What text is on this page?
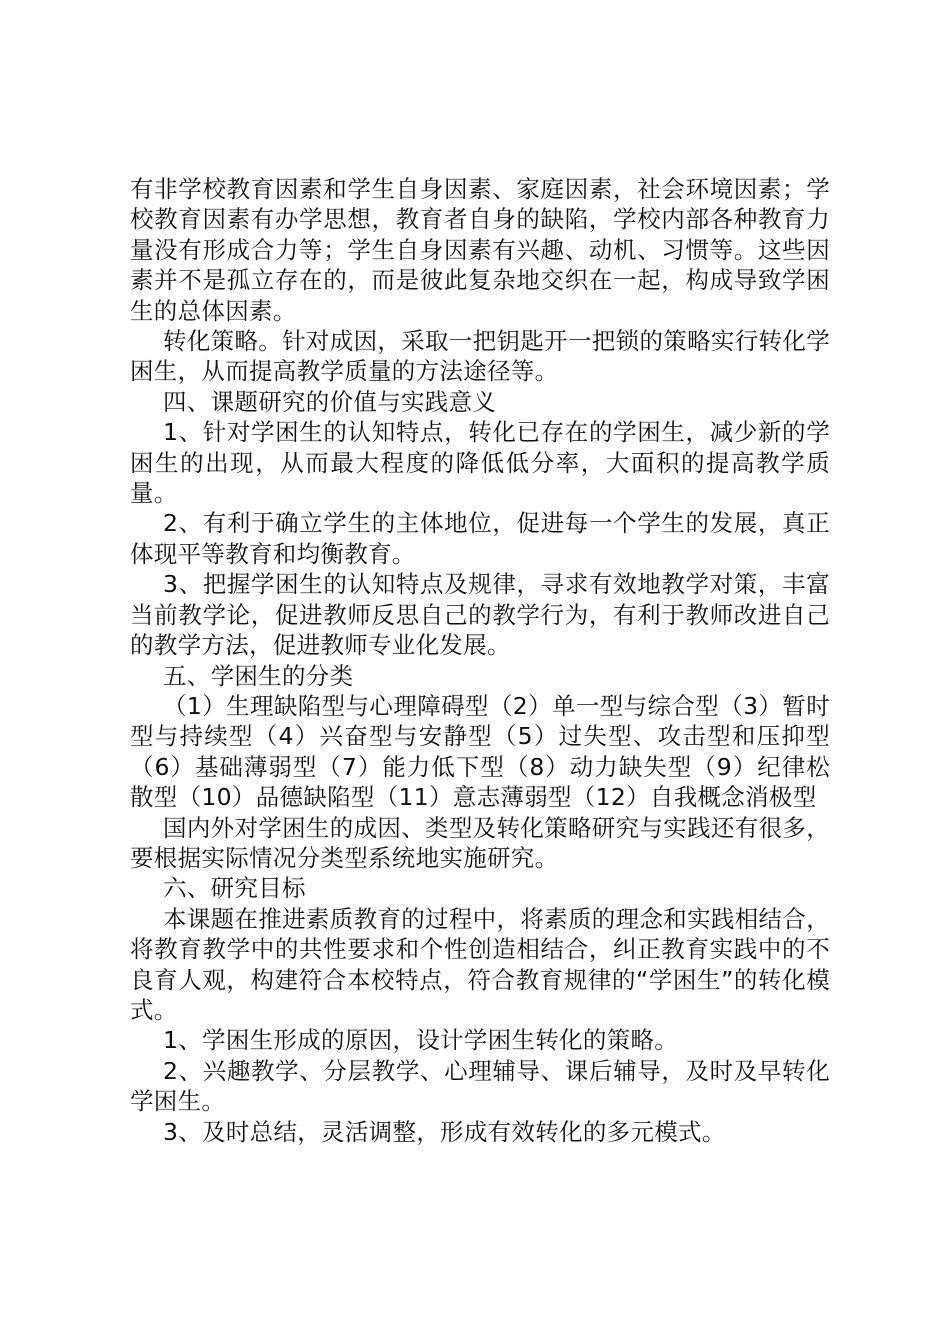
有非学校教育因素和学生自身因素、家庭因素，社会环境因素；学校教育因素有办学思想，教育者自身的缺陷，学校内部各种教育力量没有形成合力等；学生自身因素有兴趣、动机、习惯等。这些因素并不是孤立存在的，而是彼此复杂地交织在一起，构成导致学困生的总体因素。

转化策略。针对成因，采取一把钥匙开一把锁的策略实行转化学困生，从而提高教学质量的方法途径等。

四、课题研究的价值与实践意义

1、针对学困生的认知特点，转化已存在的学困生，减少新的学困生的出现，从而最大程度的降低低分率，大面积的提高教学质量。

2、有利于确立学生的主体地位，促进每一个学生的发展，真正体现平等教育和均衡教育。

3、把握学困生的认知特点及规律，寻求有效地教学对策，丰富当前教学论，促进教师反思自己的教学行为，有利于教师改进自己的教学方法，促进教师专业化发展。

五、学困生的分类

（1）生理缺陷型与心理障碍型（2）单一型与综合型（3）暂时型与持续型（4）兴奋型与安静型（5）过失型、攻击型和压抑型（6）基础薄弱型（7）能力低下型（8）动力缺失型（9）纪律松散型（10）品德缺陷型（11）意志薄弱型（12）自我概念消极型

国内外对学困生的成因、类型及转化策略研究与实践还有很多，要根据实际情况分类型系统地实施研究。

六、研究目标

本课题在推进素质教育的过程中，将素质的理念和实践相结合，将教育教学中的共性要求和个性创造相结合，纠正教育实践中的不良育人观，构建符合本校特点，符合教育规律的“学困生”的转化模式。

1、学困生形成的原因，设计学困生转化的策略。

2、兴趣教学、分层教学、心理辅导、课后辅导，及时及早转化学困生。

3、及时总结，灵活调整，形成有效转化的多元模式。
